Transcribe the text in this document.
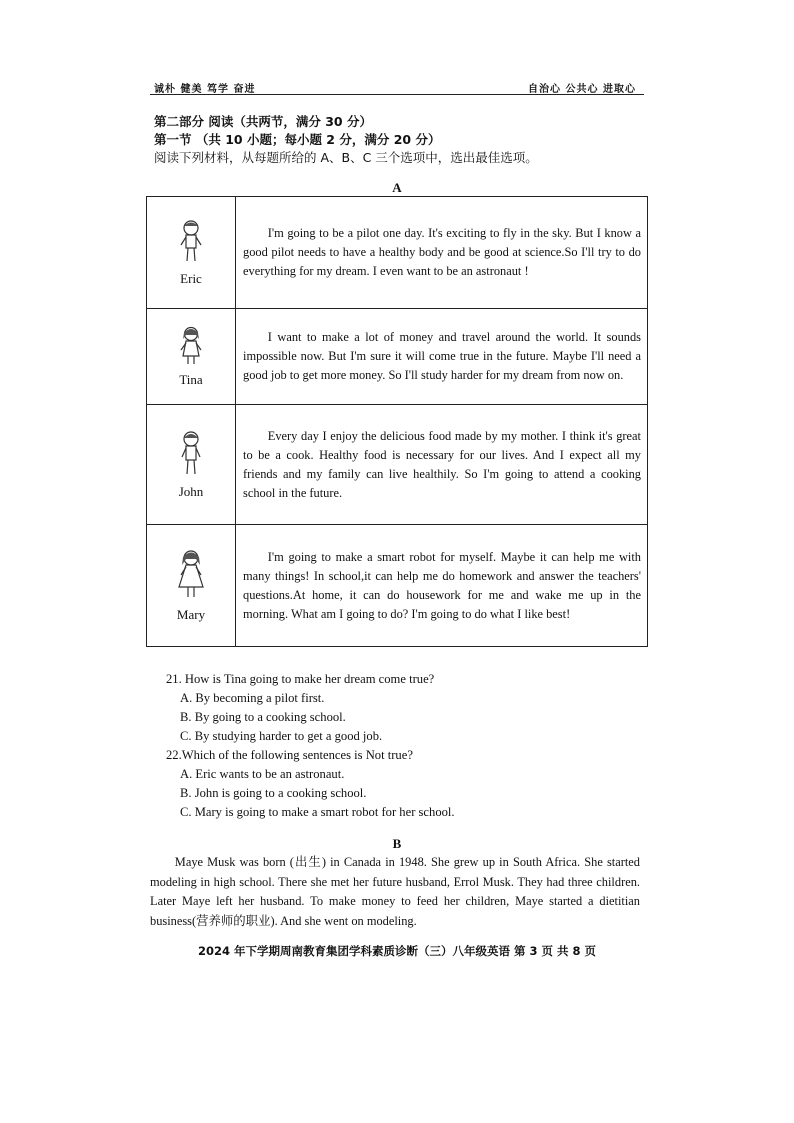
诚朴 健美 笃学 奋进	自治心 公共心 进取心
第二部分 阅读（共两节，满分 30 分）
第一节 （共 10 小题；每小题 2 分，满分 20 分）
阅读下列材料，从每题所给的 A、B、C 三个选项中，选出最佳选项。
A
Eric	I'm going to be a pilot one day. It's exciting to fly in the sky. But I know a good pilot needs to have a healthy body and be good at science.So I'll try to do everything for my dream. I even want to be an astronaut !

Tina	I want to make a lot of money and travel around the world. It sounds impossible now. But I'm sure it will come true in the future. Maybe I'll need a good job to get more money. So I'll study harder for my dream from now on.

John	Every day I enjoy the delicious food made by my mother. I think it's great to be a cook. Healthy food is necessary for our lives. And I expect all my friends and my family can live healthily. So I'm going to attend a cooking school in the future.

Mary	I'm going to make a smart robot for myself. Maybe it can help me with many things! In school,it can help me do homework and answer the teachers' questions.At home, it can do housework for me and wake me up in the morning. What am I going to do? I'm going to do what I like best!

21. How is Tina going to make her dream come true?
A. By becoming a pilot first.
B. By going to a cooking school.
C. By studying harder to get a good job.
22.Which of the following sentences is Not true?
A. Eric wants to be an astronaut.
B. John is going to a cooking school.
C. Mary is going to make a smart robot for her school.
B

Maye Musk was born (出生) in Canada in 1948. She grew up in South Africa. She started modeling in high school. There she met her future husband, Errol Musk. They had three children. Later Maye left her husband. To make money to feed her children, Maye started a dietitian business(营养师的职业). And she went on modeling.

2024 年下学期周南教育集团学科素质诊断（三）八年级英语 第 3 页 共 8 页
